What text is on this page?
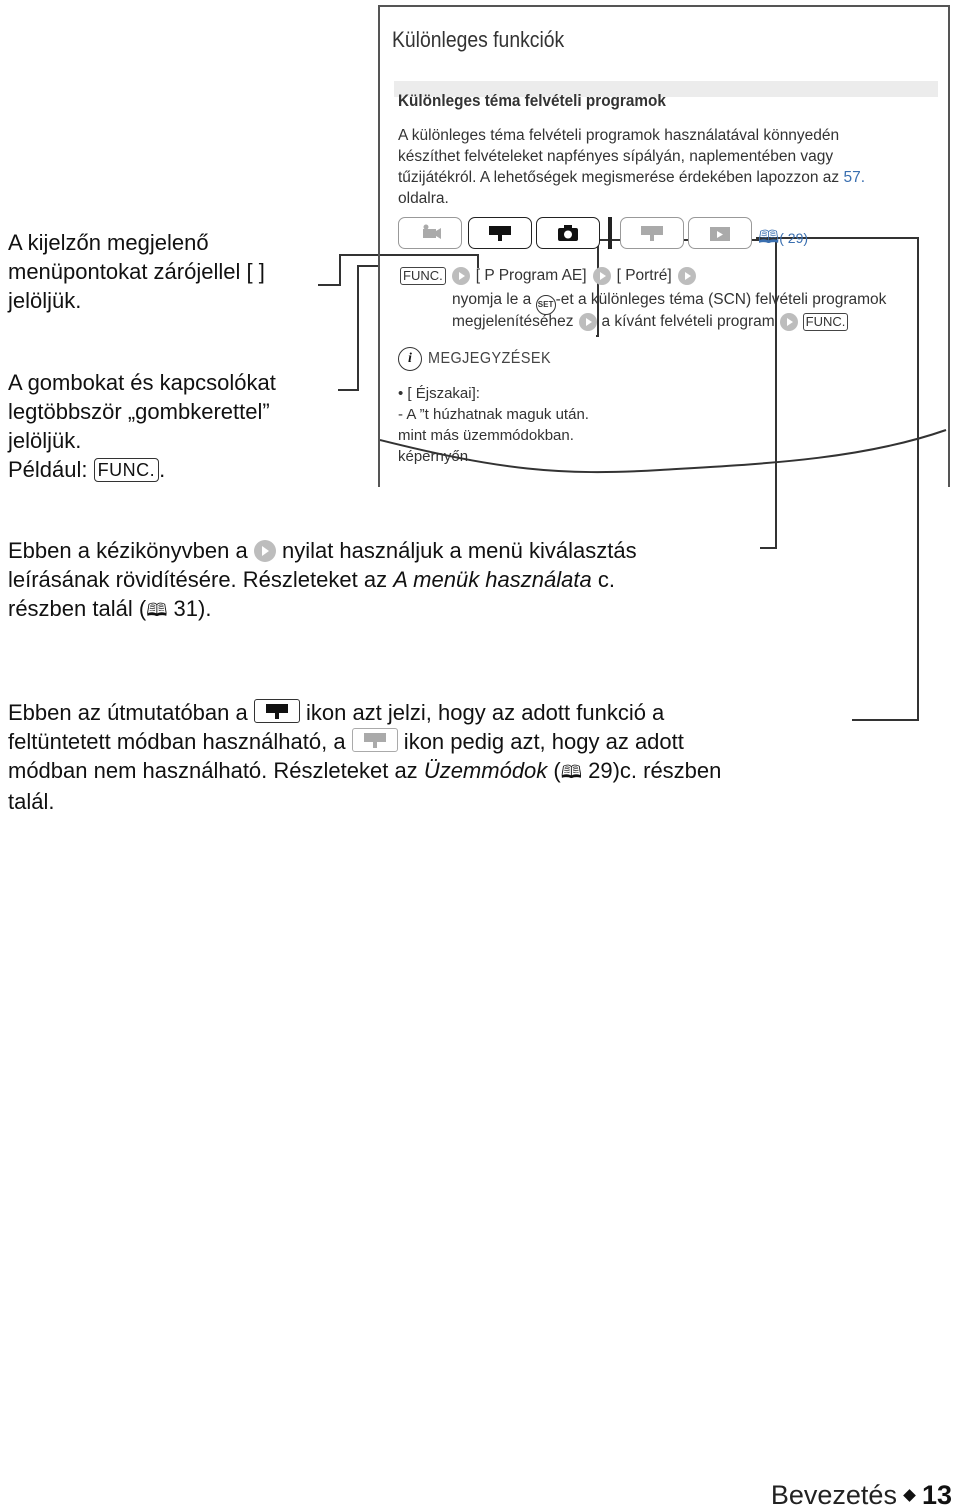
A kijelzőn megjelenő
menüpontokat zárójellel [ ]
jelöljük.
A gombokat és kapcsolókat
legtöbbször „gombkerettel”
jelöljük.
Például: FUNC. .
Különleges funkciók
Különleges téma felvételi programok
A különleges téma felvételi programok használatával könnyedén
készíthet felvételeket napfényes sípályán, naplementében vagy
tűzijátékról. A lehetőségek megismerése érdekében lapozzon az 57.
oldalra.
🕮( 29)
FUNC. [ P Program AE] [ Portré]
nyomja le a SET -et a különleges téma (SCN) felvételi programok
megjelenítéséhez a kívánt felvételi program FUNC.
i	MEGJEGYZÉSEK
• [ Éjszakai]:
- A ”t húzhatnak maguk után.
mint más üzemmódokban.
képernyőn.
Ebben a kézikönyvben a  nyilat használjuk a menü kiválasztás
leírásának rövidítésére. Részleteket az A menük használata c.
részben talál (🕮 31).
Ebben az útmutatóban a
ikon azt jelzi, hogy az adott funkció a
feltüntetett módban használható, a
ikon pedig azt, hogy az adott
módban nem használható. Részleteket az Üzemmódok (🕮 29)c. részben
talál.
Bevezetés 13
